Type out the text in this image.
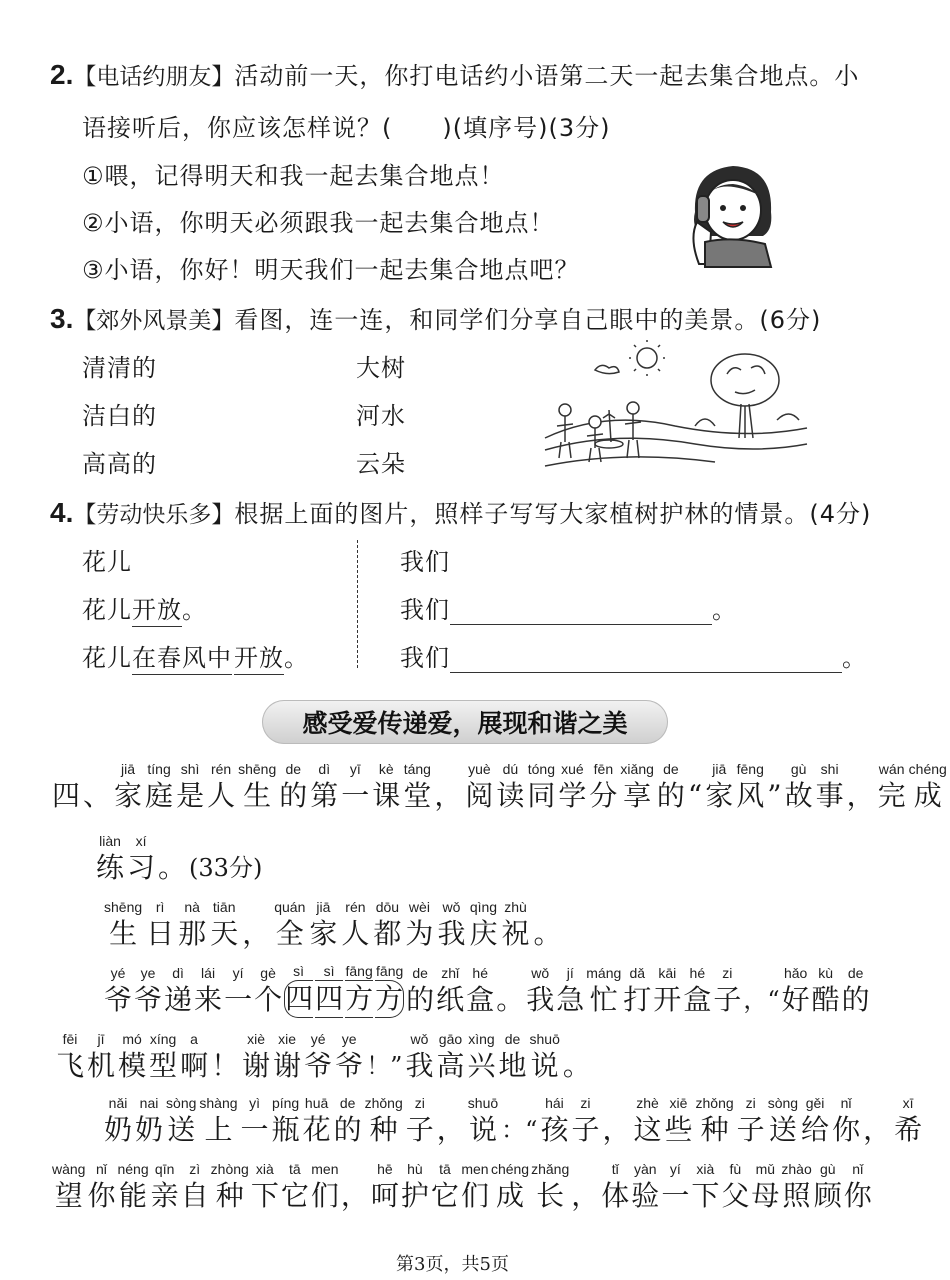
2.【电话约朋友】活动前一天，你打电话约小语第二天一起去集合地点。小
语接听后，你应该怎样说？(　　)(填序号)(3分)
①喂，记得明天和我一起去集合地点！
②小语，你明天必须跟我一起去集合地点！
③小语，你好！明天我们一起去集合地点吧？
3.【郊外风景美】看图，连一连，和同学们分享自己眼中的美景。(6分)
清清的
洁白的
高高的
大树
河水
云朵
4.【劳动快乐多】根据上面的图片，照样子写写大家植树护林的情景。(4分)
花儿
花儿开放。
花儿在春风中开放。
我们
我们	。
我们	。
感受爱传递爱，展现和谐之美
四 、
jiā
家
tíng
庭
shì
是
rén
人
shēng
生
de
的
dì
第
yī
一
kè
课
táng
堂 ，
yuè
阅
dú
读
tóng
同
xué
学
fēn
分
xiǎng
享
de
的 “
jiā
家
fēng
风 ”
gù
故
shi
事 ，
wán
完
chéng
成
liàn
练
xí
习 。 (33分)
shēng
生
rì
日
nà
那
tiān
天 ，
quán
全
jiā
家
rén
人
dōu
都
wèi
为
wǒ
我
qìng
庆
zhù
祝 。
yé
爷
ye
爷
dì
递
lái
来
yí
一
gè
个
sì
四
sì
四
fāng
方
fāng
方
de
的
zhǐ
纸
hé
盒 。
wǒ
我
jí
急
máng
忙
dǎ
打
kāi
开
hé
盒
zi
子 ，“
hǎo
好
kù
酷
de
的
fēi
飞
jī
机
mó
模
xíng
型
a
啊 ！
xiè
谢
xie
谢
yé
爷
ye
爷 ！”
wǒ
我
gāo
高
xìng
兴
de
地
shuō
说 。
nǎi
奶
nai
奶
sòng
送
shàng
上
yì
一
píng
瓶
huā
花
de
的
zhǒng
种
zi
子 ，
shuō
说 ：“
hái
孩
zi
子 ，
zhè
这
xiē
些
zhǒng
种
zi
子
sòng
送
gěi
给
nǐ
你 ，
xī
希
wàng
望
nǐ
你
néng
能
qīn
亲
zì
自
zhòng
种
xià
下
tā
它
men
们 ，
hē
呵
hù
护
tā
它
men
们
chéng
成
zhǎng
长 ，
tǐ
体
yàn
验
yí
一
xià
下
fù
父
mǔ
母
zhào
照
gù
顾
nǐ
你
第3页，共5页
